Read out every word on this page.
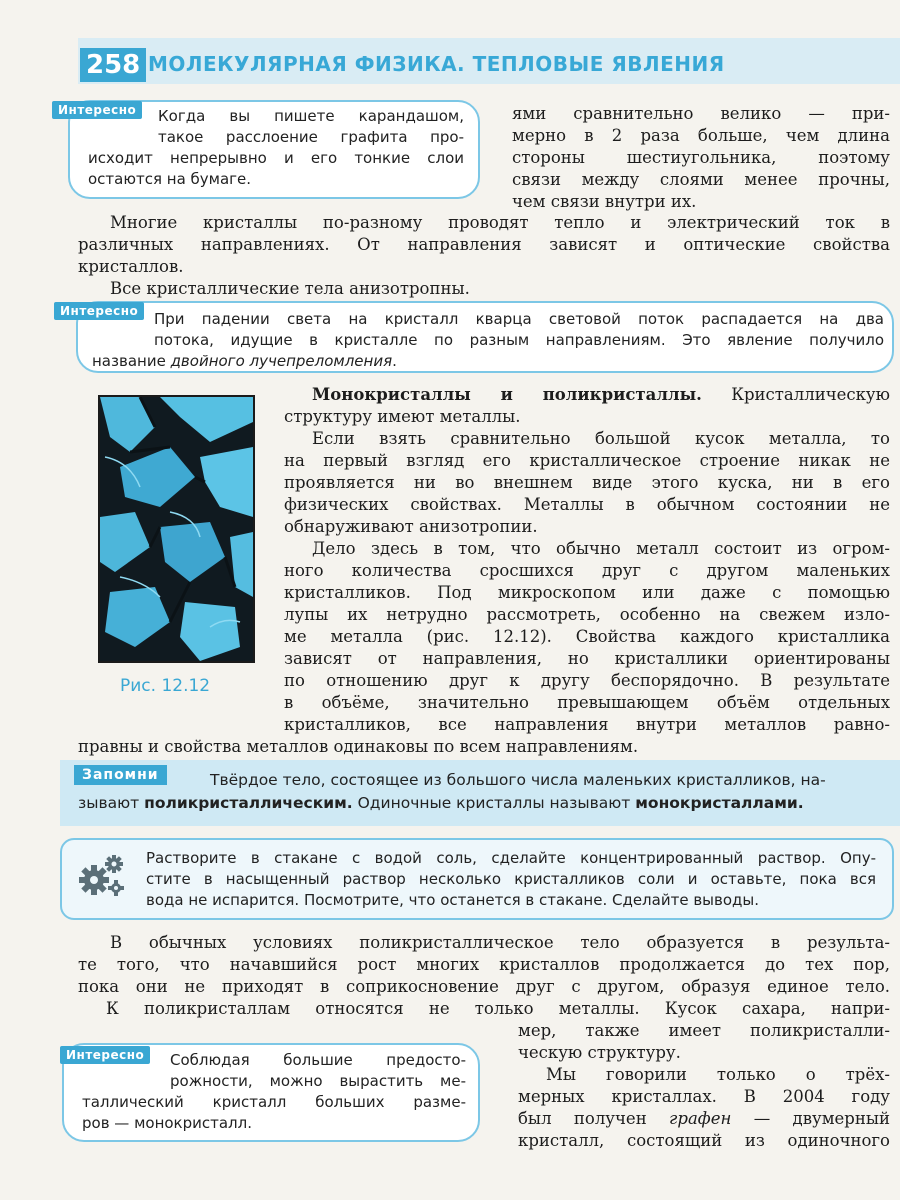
258 МОЛЕКУЛЯРНАЯ ФИЗИКА. ТЕПЛОВЫЕ ЯВЛЕНИЯ
Интересно	Когда вы пишете карандашом,

такое расслоение графита про-

исходит непрерывно и его тонкие слои

остаются на бумаге.

ями сравнительно велико — при-

мерно в 2 раза больше, чем длина

стороны шестиугольника, поэтому

связи между слоями менее прочны,

чем связи внутри их.

Многие кристаллы по-разному проводят тепло и электрический ток в

различных направлениях. От направления зависят и оптические свойства

кристаллов.

Все кристаллические тела анизотропны.
Интересно	При падении света на кристалл кварца световой поток распадается на два

потока, идущие в кристалле по разным направлениям. Это явление получило

название двойного лучепреломления.

Рис. 12.12

Монокристаллы и поликристаллы. Кристаллическую

структуру имеют металлы.

Если взять сравнительно большой кусок металла, то

на первый взгляд его кристаллическое строение никак не

проявляется ни во внешнем виде этого куска, ни в его

физических свойствах. Металлы в обычном состоянии не

обнаруживают анизотропии.

Дело здесь в том, что обычно металл состоит из огром-

ного количества сросшихся друг с другом маленьких

кристалликов. Под микроскопом или даже с помощью

лупы их нетрудно рассмотреть, особенно на свежем изло-

ме металла (рис. 12.12). Свойства каждого кристаллика

зависят от направления, но кристаллики ориентированы

по отношению друг к другу беспорядочно. В результате

в объёме, значительно превышающем объём отдельных

кристалликов, все направления внутри металлов равно-

правны и свойства металлов одинаковы по всем направлениям.
Запомни	Твёрдое тело, состоящее из большого числа маленьких кристалликов, на-
зывают поликристаллическим. Одиночные кристаллы называют монокристаллами.

Растворите в стакане с водой соль, сделайте концентрированный раствор. Опу-

стите в насыщенный раствор несколько кристалликов соли и оставьте, пока вся

вода не испарится. Посмотрите, что останется в стакане. Сделайте выводы.

В обычных условиях поликристаллическое тело образуется в результа-

те того, что начавшийся рост многих кристаллов продолжается до тех пор,

пока они не приходят в соприкосновение друг с другом, образуя единое тело.

К поликристаллам относятся не только металлы. Кусок сахара, напри-

Интересно	Соблюдая большие предосто-

рожности, можно вырастить ме-

таллический кристалл больших разме-

ров — монокристалл.

мер, также имеет поликристалли-

ческую структуру.

Мы говорили только о трёх-

мерных кристаллах. В 2004 году

был получен графен — двумерный

кристалл, состоящий из одиночного
